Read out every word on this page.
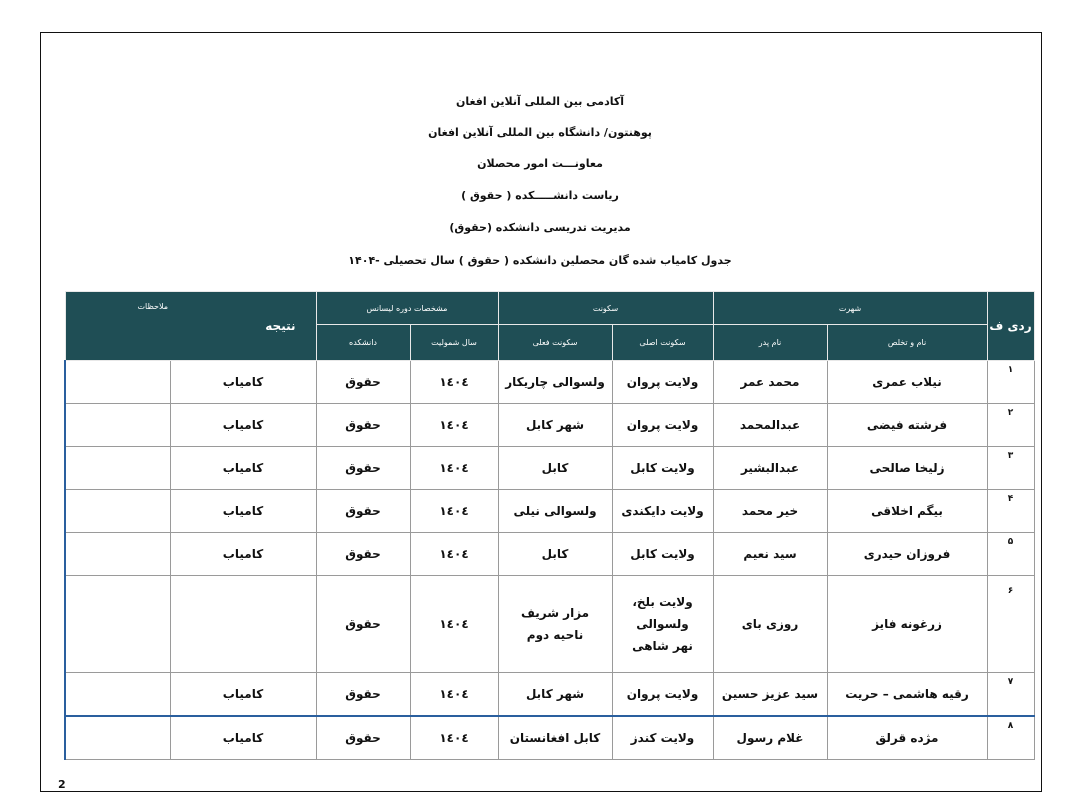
آکادمی بین المللی آنلاین افغان
پوهنتون/ دانشگاه بین المللی آنلاین افغان
معاونـــت امور محصلان
ریاست دانشـــــکده ( حقوق )
مدیریت تدریسی دانشکده (حقوق)
جدول کامیاب شده گان محصلین دانشکده ( حقوق ) سال تحصیلی -۱۴۰۴
ردی ف	شهرت		سکونت		مشخصات دوره لیسانس		نتیجه
ملاحظات	

	نام و تخلص	نام پدر	سکونت اصلی	سکونت فعلی	سال شمولیت	دانشکده		
۱	نیلاب عمری	محمد عمر	ولایت پروان	ولسوالی چاریکار	۱٤۰٤	حقوق	کامیاب	
۲	فرشته فیضی	عبدالمحمد	ولایت پروان	شهر کابل	۱٤۰٤	حقوق	کامیاب	
۳	زلیخا صالحی	عبدالبشیر	ولایت کابل	کابل	۱٤۰٤	حقوق	کامیاب	
۴	بیگم اخلاقی	خیر محمد	ولایت دایکندی	ولسوالی نیلی	۱٤۰٤	حقوق	کامیاب	
۵	فروزان حیدری	سید نعیم	ولایت کابل	کابل	۱٤۰٤	حقوق	کامیاب	
۶	زرغونه فایز	روزی بای	ولایت بلخ، ولسوالی نهر شاهی	مزار شریف ناحیه دوم	۱٤۰٤	حقوق		
۷	رقیه هاشمی – حریت	سید عزیز حسین	ولایت پروان	شهر کابل	۱٤۰٤	حقوق	کامیاب	
۸	مژده قرلق	غلام رسول	ولایت کندز	کابل افغانستان	۱٤۰٤	حقوق	کامیاب	
2
